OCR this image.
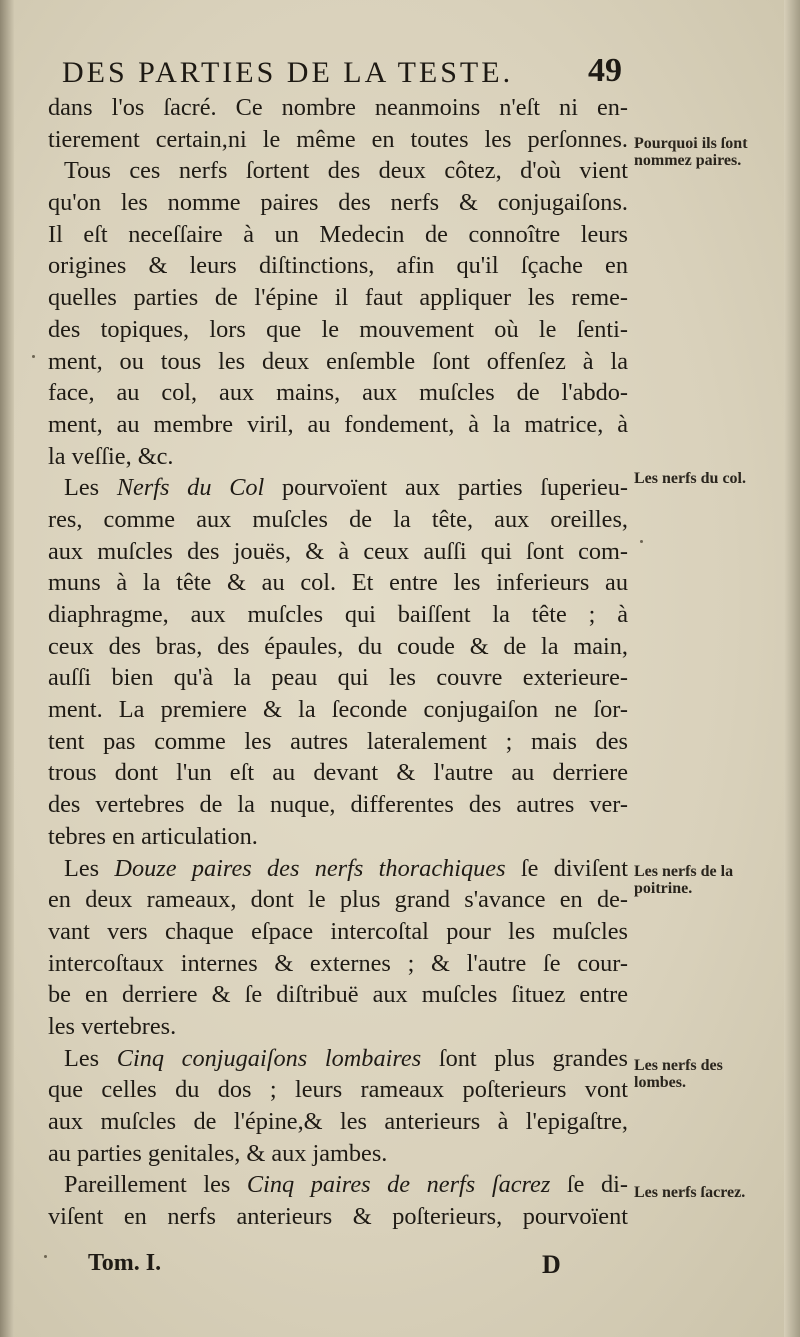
DES PARTIES DE LA TESTE. 49
dans l'os ſacré. Ce nombre neanmoins n'eſt ni en-
tierement certain,ni le même en toutes les perſonnes.
Tous ces nerfs ſortent des deux côtez, d'où vient
qu'on les nomme paires des nerfs & conjugaiſons.
Il eſt neceſſaire à un Medecin de connoître leurs
origines & leurs diſtinctions, afin qu'il ſçache en
quelles parties de l'épine il faut appliquer les reme-
des topiques, lors que le mouvement où le ſenti-
ment, ou tous les deux enſemble ſont offenſez à la
face, au col, aux mains, aux muſcles de l'abdo-
ment, au membre viril, au fondement, à la matrice, à
la veſſie, &c.
Les Nerfs du Col pourvoïent aux parties ſuperieu-
res, comme aux muſcles de la tête, aux oreilles,
aux muſcles des jouës, & à ceux auſſi qui ſont com-
muns à la tête & au col. Et entre les inferieurs au
diaphragme, aux muſcles qui baiſſent la tête ; à
ceux des bras, des épaules, du coude & de la main,
auſſi bien qu'à la peau qui les couvre exterieure-
ment. La premiere & la ſeconde conjugaiſon ne ſor-
tent pas comme les autres lateralement ; mais des
trous dont l'un eſt au devant & l'autre au derriere
des vertebres de la nuque, differentes des autres ver-
tebres en articulation.
Les Douze paires des nerfs thorachiques ſe diviſent
en deux rameaux, dont le plus grand s'avance en de-
vant vers chaque eſpace intercoſtal pour les muſcles
intercoſtaux internes & externes ; & l'autre ſe cour-
be en derriere & ſe diſtribuë aux muſcles ſituez entre
les vertebres.
Les Cinq conjugaiſons lombaires ſont plus grandes
que celles du dos ; leurs rameaux poſterieurs vont
aux muſcles de l'épine,& les anterieurs à l'epigaſtre,
au parties genitales, & aux jambes.
Pareillement les Cinq paires de nerfs ſacrez ſe di-
viſent en nerfs anterieurs & poſterieurs, pourvoïent
Pourquoi ils ſont nommez paires.
Les nerfs du col.
Les nerfs de la poitrine.
Les nerfs des lombes.
Les nerfs ſacrez.
Tom. I.	D
